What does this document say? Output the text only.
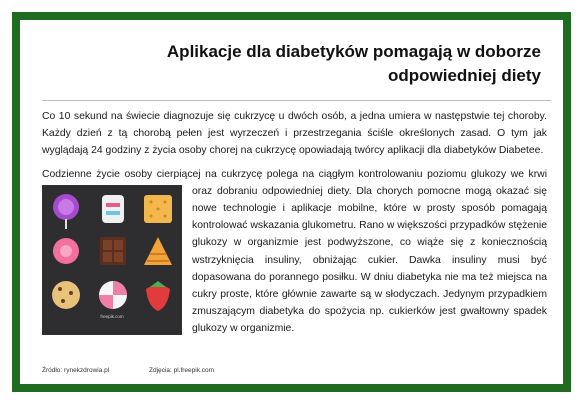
Aplikacje dla diabetyków pomagają w doborze
odpowiedniej diety

Co 10 sekund na świecie diagnozuje się cukrzycę u dwóch osób, a jedna umiera w następstwie tej choroby. Każdy dzień z tą chorobą pełen jest wyrzeczeń i przestrzegania ściśle określonych zasad. O tym jak wyglądają 24 godziny z życia osoby chorej na cukrzycę opowiadają twórcy aplikacji dla diabetyków Diabetee.

Codzienne życie osoby cierpiącej na cukrzycę polega na ciągłym kontrolowaniu poziomu glukozy we krwi oraz dobraniu odpowiedniej diety.
freepik.com
Dla chorych pomocne mogą okazać się nowe technologie i aplikacje mobilne, które w prosty sposób pomagają kontrolować wskazania glukometru. Rano w większości przypadków stężenie glukozy w organizmie jest podwyższone, co wiąże się z koniecznością wstrzyknięcia insuliny, obniżając cukier. Dawka insuliny musi być dopasowana do porannego posiłku. W dniu diabetyka nie ma też miejsca na cukry proste, które głównie zawarte są w słodyczach. Jedynym przypadkiem zmuszającym diabetyka do spożycia np. cukierków jest gwałtowny spadek glukozy w organizmie.

Źródło: rynekzdrowia.pl	Zdjęcia: pl.freepik.com
